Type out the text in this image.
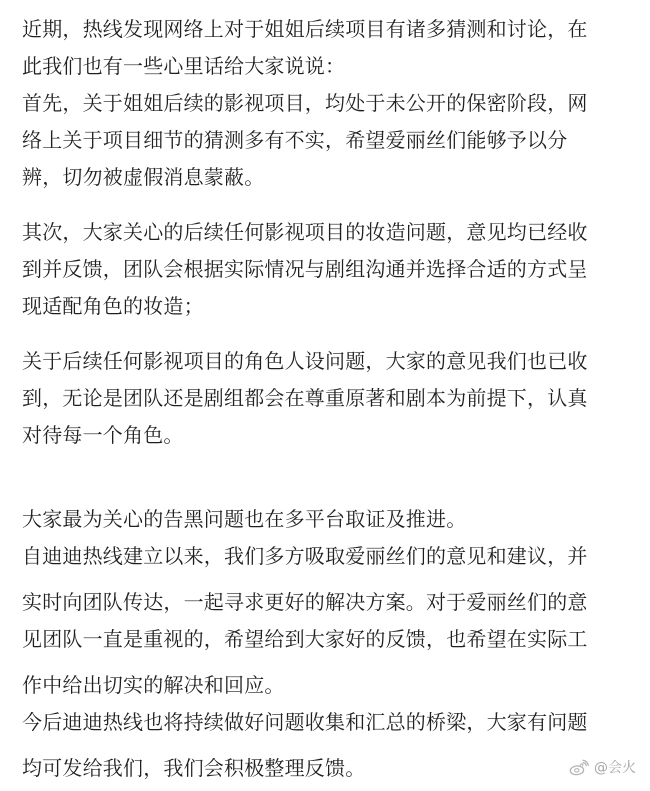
近期，热线发现网络上对于姐姐后续项目有诸多猜测和讨论，在
此我们也有一些心里话给大家说说：
首先，关于姐姐后续的影视项目，均处于未公开的保密阶段，网
络上关于项目细节的猜测多有不实，希望爱丽丝们能够予以分
辨，切勿被虚假消息蒙蔽。
其次，大家关心的后续任何影视项目的妆造问题，意见均已经收
到并反馈，团队会根据实际情况与剧组沟通并选择合适的方式呈
现适配角色的妆造；
关于后续任何影视项目的角色人设问题，大家的意见我们也已收
到，无论是团队还是剧组都会在尊重原著和剧本为前提下，认真
对待每一个角色。
大家最为关心的告黑问题也在多平台取证及推进。
自迪迪热线建立以来，我们多方吸取爱丽丝们的意见和建议，并
实时向团队传达，一起寻求更好的解决方案。对于爱丽丝们的意
见团队一直是重视的，希望给到大家好的反馈，也希望在实际工
作中给出切实的解决和回应。
今后迪迪热线也将持续做好问题收集和汇总的桥梁，大家有问题
均可发给我们，我们会积极整理反馈。	@会火
